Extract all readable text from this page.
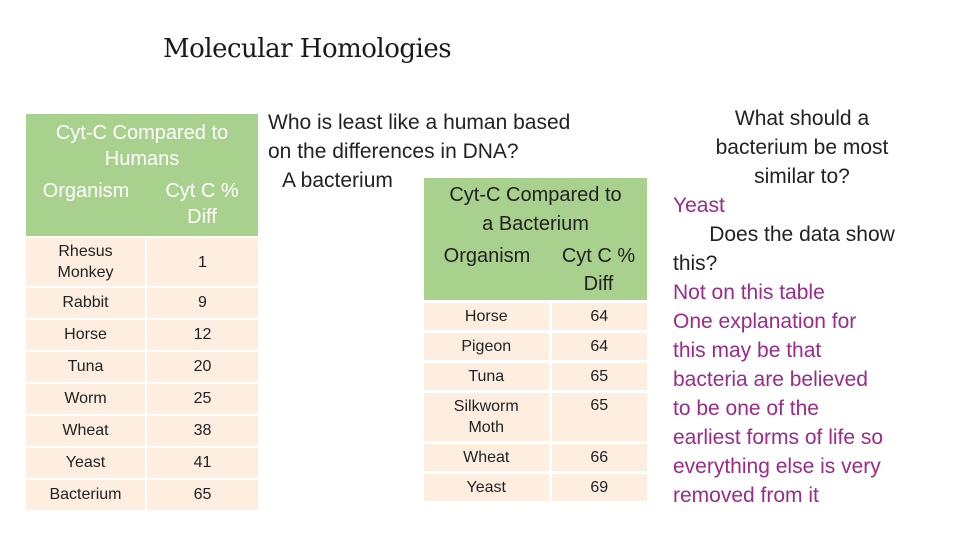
Molecular Homologies
Cyt-C Compared to
Humans	
Organism	Cyt C %
Diff
Rhesus
Monkey	1
Rabbit	9
Horse	12
Tuna	20
Worm	25
Wheat	38
Yeast	41
Bacterium	65
Who is least like a human based
on the differences in DNA?
A bacterium
Cyt-C Compared to
a Bacterium	
Organism	Cyt C %
Diff
Horse	64
Pigeon	64
Tuna	65
Silkworm
Moth	65
Wheat	66
Yeast	69
What should a
bacterium be most
similar to?
Yeast
Does the data show
this?
Not on this table
One explanation for
this may be that
bacteria are believed
to be one of the
earliest forms of life so
everything else is very
removed from it
